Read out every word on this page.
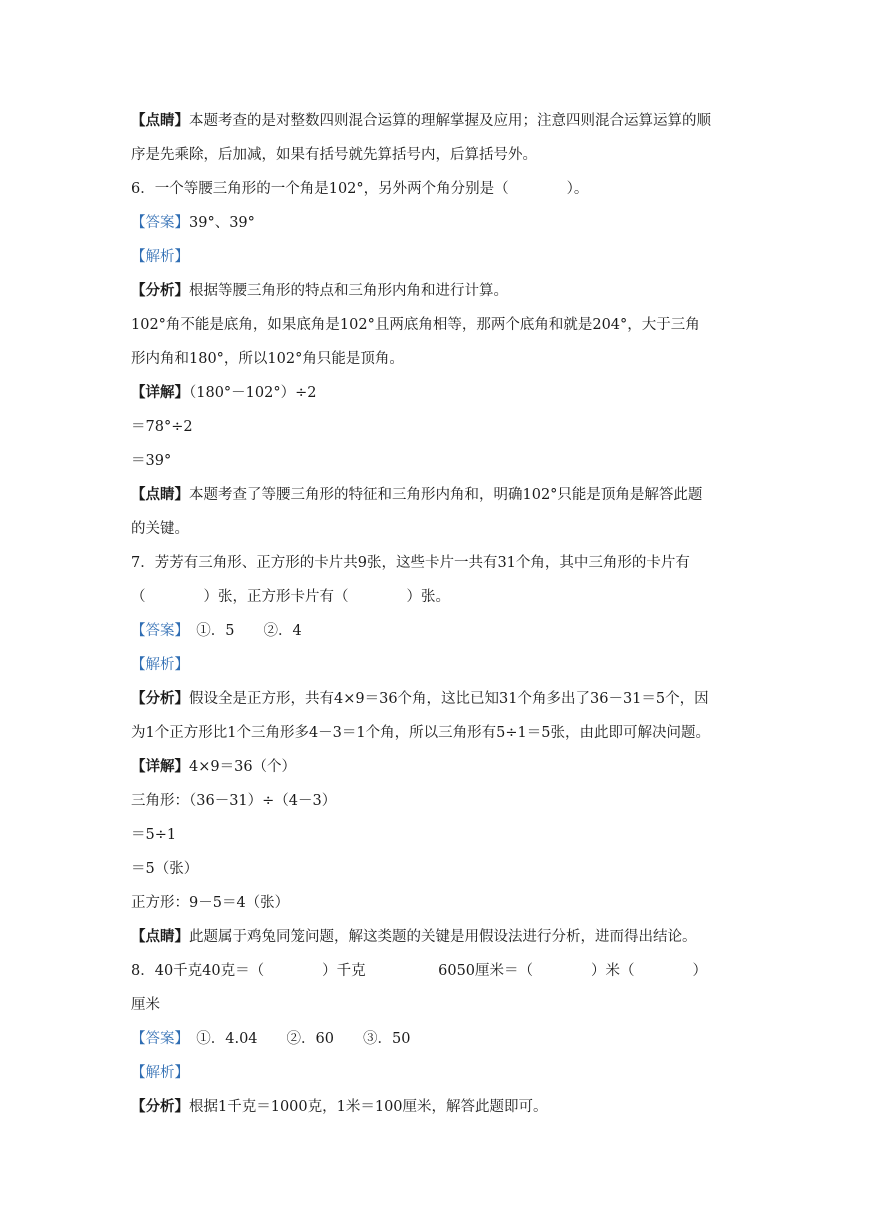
【点睛】本题考查的是对整数四则混合运算的理解掌握及应用；注意四则混合运算运算的顺
序是先乘除，后加减，如果有括号就先算括号内，后算括号外。
6．一个等腰三角形的一个角是102°，另外两个角分别是（　　　　）。
【答案】39°、39°
【解析】
【分析】根据等腰三角形的特点和三角形内角和进行计算。
102°角不能是底角，如果底角是102°且两底角相等，那两个底角和就是204°，大于三角
形内角和180°，所以102°角只能是顶角。
【详解】（180°－102°）÷2
＝78°÷2
＝39°
【点睛】本题考查了等腰三角形的特征和三角形内角和，明确102°只能是顶角是解答此题
的关键。
7．芳芳有三角形、正方形的卡片共9张，这些卡片一共有31个角，其中三角形的卡片有
（　　　　）张，正方形卡片有（　　　　）张。
【答案】　①．5　　②．4
【解析】
【分析】假设全是正方形，共有4×9＝36个角，这比已知31个角多出了36－31＝5个，因
为1个正方形比1个三角形多4－3＝1个角，所以三角形有5÷1＝5张，由此即可解决问题。
【详解】4×9＝36（个）
三角形：（36－31）÷（4－3）
＝5÷1
＝5（张）
正方形：9－5＝4（张）
【点睛】此题属于鸡兔同笼问题，解这类题的关键是用假设法进行分析，进而得出结论。
8．40千克40克＝（　　　　）千克　　　　　6050厘米＝（　　　　）米（　　　　）
厘米
【答案】　①．4.04　　②．60　　③．50
【解析】
【分析】根据1千克＝1000克，1米＝100厘米，解答此题即可。
